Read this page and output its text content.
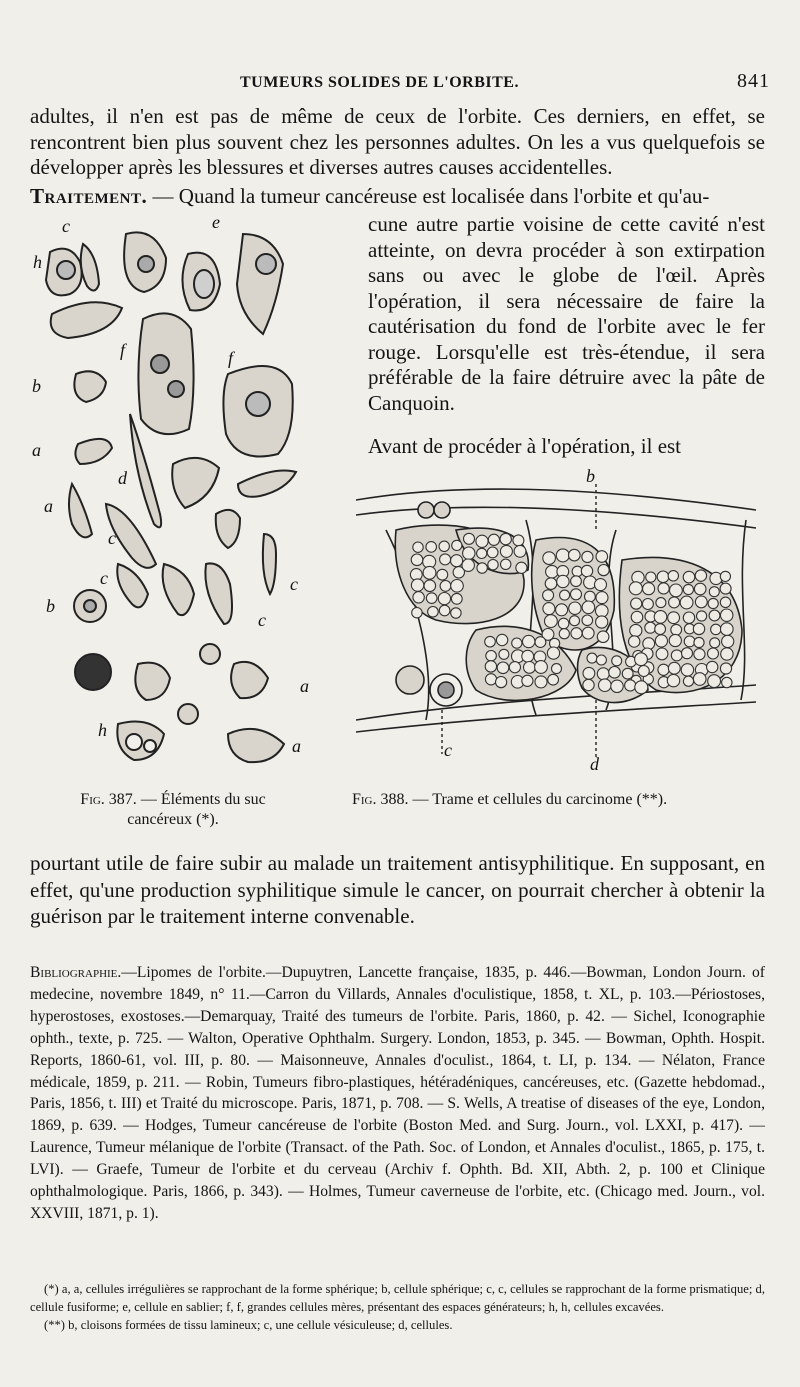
TUMEURS SOLIDES DE L'ORBITE.	841
adultes, il n'en est pas de même de ceux de l'orbite. Ces derniers, en effet, se rencontrent bien plus souvent chez les personnes adultes. On les a vus quelquefois se développer après les blessures et diverses autres causes accidentelles.
Traitement. — Quand la tumeur cancéreuse est localisée dans l'orbite et qu'au-
cune autre partie voisine de cette cavité n'est atteinte, on devra procéder à son extirpation sans ou avec le globe de l'œil. Après l'opération, il sera nécessaire de faire la cautérisation du fond de l'orbite avec le fer rouge. Lorsqu'elle est très-étendue, il sera préférable de la faire détruire avec la pâte de Canquoin.
Avant de procéder à l'opération, il est
c	e
h
f	f
b
a
d
a
c
c	c
b
c
a
h
a
b
c
d
Fig. 387. — Éléments du suc cancéreux (*).
Fig. 388. — Trame et cellules du carcinome (**).
pourtant utile de faire subir au malade un traitement antisyphilitique. En supposant, en effet, qu'une production syphilitique simule le cancer, on pourrait chercher à obtenir la guérison par le traitement interne convenable.
Bibliographie.—Lipomes de l'orbite.—Dupuytren, Lancette française, 1835, p. 446.—Bowman, London Journ. of medecine, novembre 1849, n° 11.—Carron du Villards, Annales d'oculistique, 1858, t. XL, p. 103.—Périostoses, hyperostoses, exostoses.—Demarquay, Traité des tumeurs de l'orbite. Paris, 1860, p. 42. — Sichel, Iconographie ophth., texte, p. 725. — Walton, Operative Ophthalm. Surgery. London, 1853, p. 345. — Bowman, Ophth. Hospit. Reports, 1860-61, vol. III, p. 80. — Maisonneuve, Annales d'oculist., 1864, t. LI, p. 134. — Nélaton, France médicale, 1859, p. 211. — Robin, Tumeurs fibro-plastiques, hétéradéniques, cancéreuses, etc. (Gazette hebdomad., Paris, 1856, t. III) et Traité du microscope. Paris, 1871, p. 708. — S. Wells, A treatise of diseases of the eye, London, 1869, p. 639. — Hodges, Tumeur cancéreuse de l'orbite (Boston Med. and Surg. Journ., vol. LXXI, p. 417). — Laurence, Tumeur mélanique de l'orbite (Transact. of the Path. Soc. of London, et Annales d'oculist., 1865, p. 175, t. LVI). — Graefe, Tumeur de l'orbite et du cerveau (Archiv f. Ophth. Bd. XII, Abth. 2, p. 100 et Clinique ophthalmologique. Paris, 1866, p. 343). — Holmes, Tumeur caverneuse de l'orbite, etc. (Chicago med. Journ., vol. XXVIII, 1871, p. 1).

(*) a, a, cellules irrégulières se rapprochant de la forme sphérique; b, cellule sphérique; c, c, cellules se rapprochant de la forme prismatique; d, cellule fusiforme; e, cellule en sablier; f, f, grandes cellules mères, présentant des espaces générateurs; h, h, cellules excavées.

(**) b, cloisons formées de tissu lamineux; c, une cellule vésiculeuse; d, cellules.
